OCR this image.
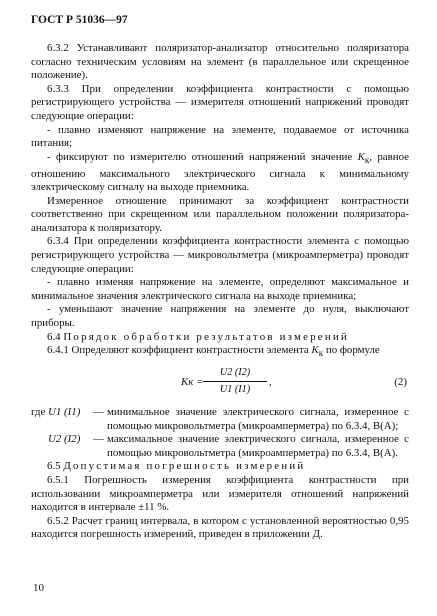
ГОСТ Р 51036—97

6.3.2 Устанавливают поляризатор-анализатор относительно поляризатора согласно техническим условиям на элемент (в параллельное или скрещенное положение).

6.3.3 При определении коэффициента контрастности с помощью регистрирующего устройства — измерителя отношений напряжений проводят следующие операции:

- плавно изменяют напряжение на элементе, подаваемое от источника питания;

- фиксируют по измерителю отношений напряжений значение $K_к$, равное отношению максимального электрического сигнала к минимальному электрическому сигналу на выходе приемника.

Измеренное отношение принимают за коэффициент контрастности соответственно при скрещенном или параллельном положении поляризатора-анализатора к поляризатору.

6.3.4 При определении коэффициента контрастности элемента с помощью регистрирующего устройства — микровольтметра (микроамперметра) проводят следующие операции:

- плавно изменяя напряжение на элементе, определяют максимальное и минимальное значения электрического сигнала на выходе приемника;

- уменьшают значение напряжения на элементе до нуля, выключают приборы.

6.4 Порядок обработки результатов измерений

6.4.1 Определяют коэффициент контрастности элемента $K_к$ по формуле

Kк = $\frac{U2 (I2)}{U1 (I1)}$ ,	(2)
где U1 (I1)	— минимальное значение электрического сигнала, измеренное с помощью микровольтметра (микроамперметра) по 6.3.4, В(А);
U2 (I2)	— максимальное значение электрического сигнала, измеренное с помощью микровольтметра (микроамперметра) по 6.3.4, В(А).

6.5 Допустимая погрешность измерений

6.5.1 Погрешность измерения коэффициента контрастности при использовании микроамперметра или измерителя отношений напряжений находится в интервале ±11 %.

6.5.2 Расчет границ интервала, в котором с установленной вероятностью 0,95 находится погрешность измерений, приведен в приложении Д.

10
